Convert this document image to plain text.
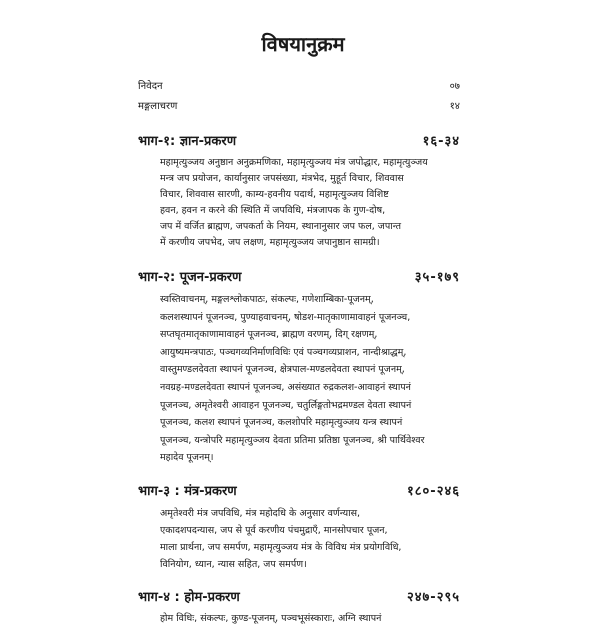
विषयानुक्रम
निवेदन	०७
मङ्गलाचरण	१४
भाग-१: ज्ञान-प्रकरण	१६-३४
महामृत्युञ्जय अनुष्ठान अनुक्रमणिका, महामृत्युञ्जय मंत्र जपोद्धार, महामृत्युञ्जय
मन्त्र जप प्रयोजन, कार्यानुसार जपसंख्या, मंत्रभेद, मुहूर्त विचार, शिववास
विचार, शिववास सारणी, काम्य-हवनीय पदार्थ, महामृत्युञ्जय विशिष्ट
हवन, हवन न करने की स्थिति में जपविधि, मंत्रजापक के गुण-दोष,
जप में वर्जित ब्राह्मण, जपकर्ता के नियम, स्थानानुसार जप फल, जपान्त
में करणीय जपभेद, जप लक्षण, महामृत्युञ्जय जपानुष्ठान सामग्री।
भाग-२: पूजन-प्रकरण	३५-१७९
स्वस्तिवाचनम्, मङ्गलश्लोकपाठः, संकल्पः, गणेशाम्बिका-पूजनम्,
कलशस्थापनं पूजनञ्च, पुण्याहवाचनम्, षोडश-मातृकाणामावाहनं पूजनञ्च,
सप्तघृतमातृकाणामावाहनं पूजनञ्च, ब्राह्मण वरणम्, दिग् रक्षणम्,
आयुष्यमन्त्रपाठः, पञ्चगव्यनिर्माणविधिः एवं पञ्चगव्यप्राशन, नान्दीश्राद्धम्,
वास्तुमण्डलदेवता स्थापनं पूजनञ्च, क्षेत्रपाल-मण्डलदेवता स्थापनं पूजनम्,
नवग्रह-मण्डलदेवता स्थापनं पूजनञ्च, असंख्यात रुद्रकलश-आवाहनं स्थापनं
पूजनञ्च, अमृतेश्वरी आवाहन पूजनञ्च, चतुर्लिङ्गतोभद्रमण्डल देवता स्थापनं
पूजनञ्च, कलश स्थापनं पूजनञ्च, कलशोपरि महामृत्युञ्जय यन्त्र स्थापनं
पूजनञ्च, यन्त्रोपरि महामृत्युञ्जय देवता प्रतिमा प्रतिष्ठा पूजनञ्च, श्री पार्थिवेश्वर
महादेव पूजनम्।
भाग-३ : मंत्र-प्रकरण	१८०-२४६
अमृतेश्वरी मंत्र जपविधि, मंत्र महोदधि के अनुसार वर्णन्यास,
एकादशपदन्यास, जप से पूर्व करणीय पंचमुद्राएँ, मानसोपचार पूजन,
माला प्रार्थना, जप समर्पण, महामृत्युञ्जय मंत्र के विविध मंत्र प्रयोगविधि,
विनियोग, ध्यान, न्यास सहित, जप समर्पण।
भाग-४ : होम-प्रकरण	२४७-२९५
होम विधिः, संकल्पः, कुण्ड-पूजनम्, पञ्चभूसंस्काराः, अग्नि स्थापनं
